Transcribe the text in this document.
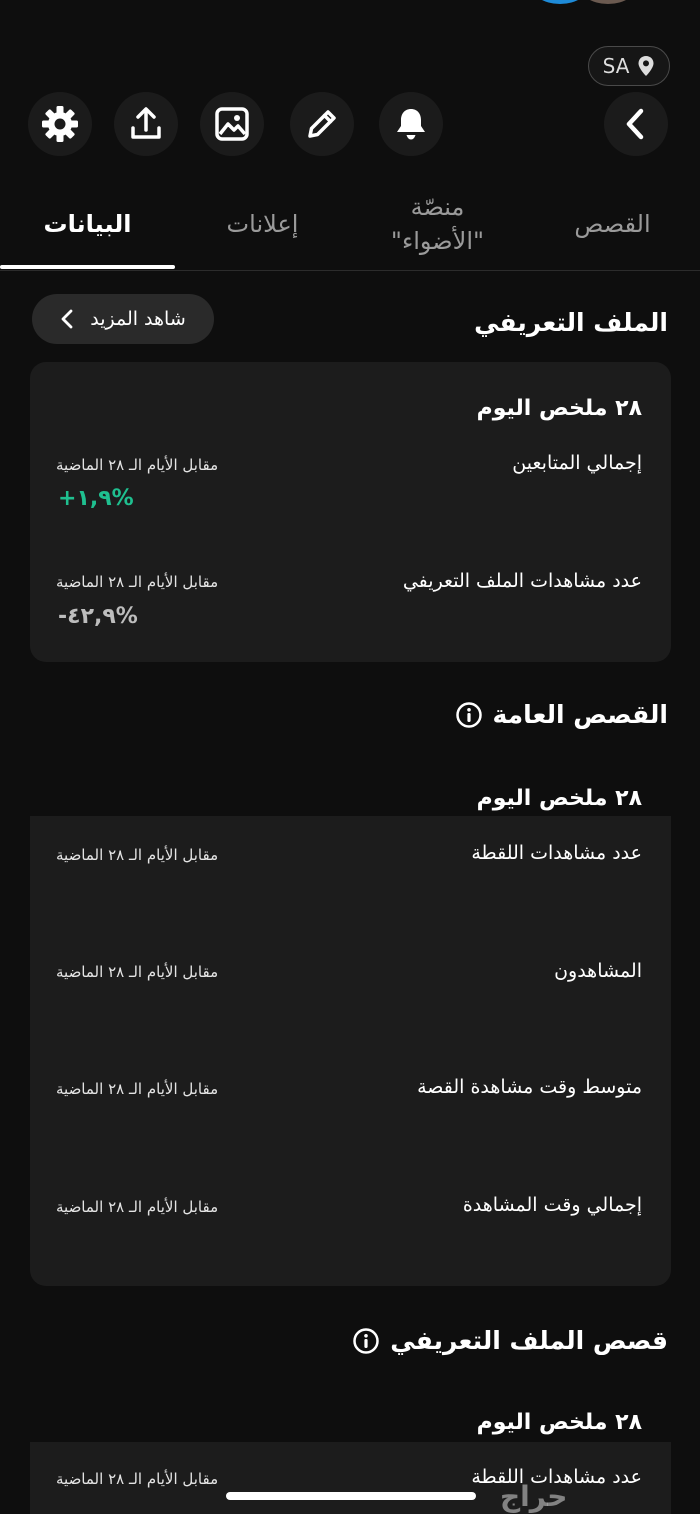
SA
البيانات	إعلانات
منصّة
"الأضواء"
القصص
الملف التعريفي
شاهد المزيد
٢٨ ملخص اليوم
إجمالي المتابعين
مقابل الأيام الـ ٢٨ الماضية
+١,٩%
عدد مشاهدات الملف التعريفي
مقابل الأيام الـ ٢٨ الماضية
-٤٢,٩%
القصص العامة
٢٨ ملخص اليوم
عدد مشاهدات اللقطة
مقابل الأيام الـ ٢٨ الماضية
المشاهدون
مقابل الأيام الـ ٢٨ الماضية
متوسط وقت مشاهدة القصة
مقابل الأيام الـ ٢٨ الماضية
إجمالي وقت المشاهدة
مقابل الأيام الـ ٢٨ الماضية
قصص الملف التعريفي
٢٨ ملخص اليوم
عدد مشاهدات اللقطة
مقابل الأيام الـ ٢٨ الماضية
حراج
